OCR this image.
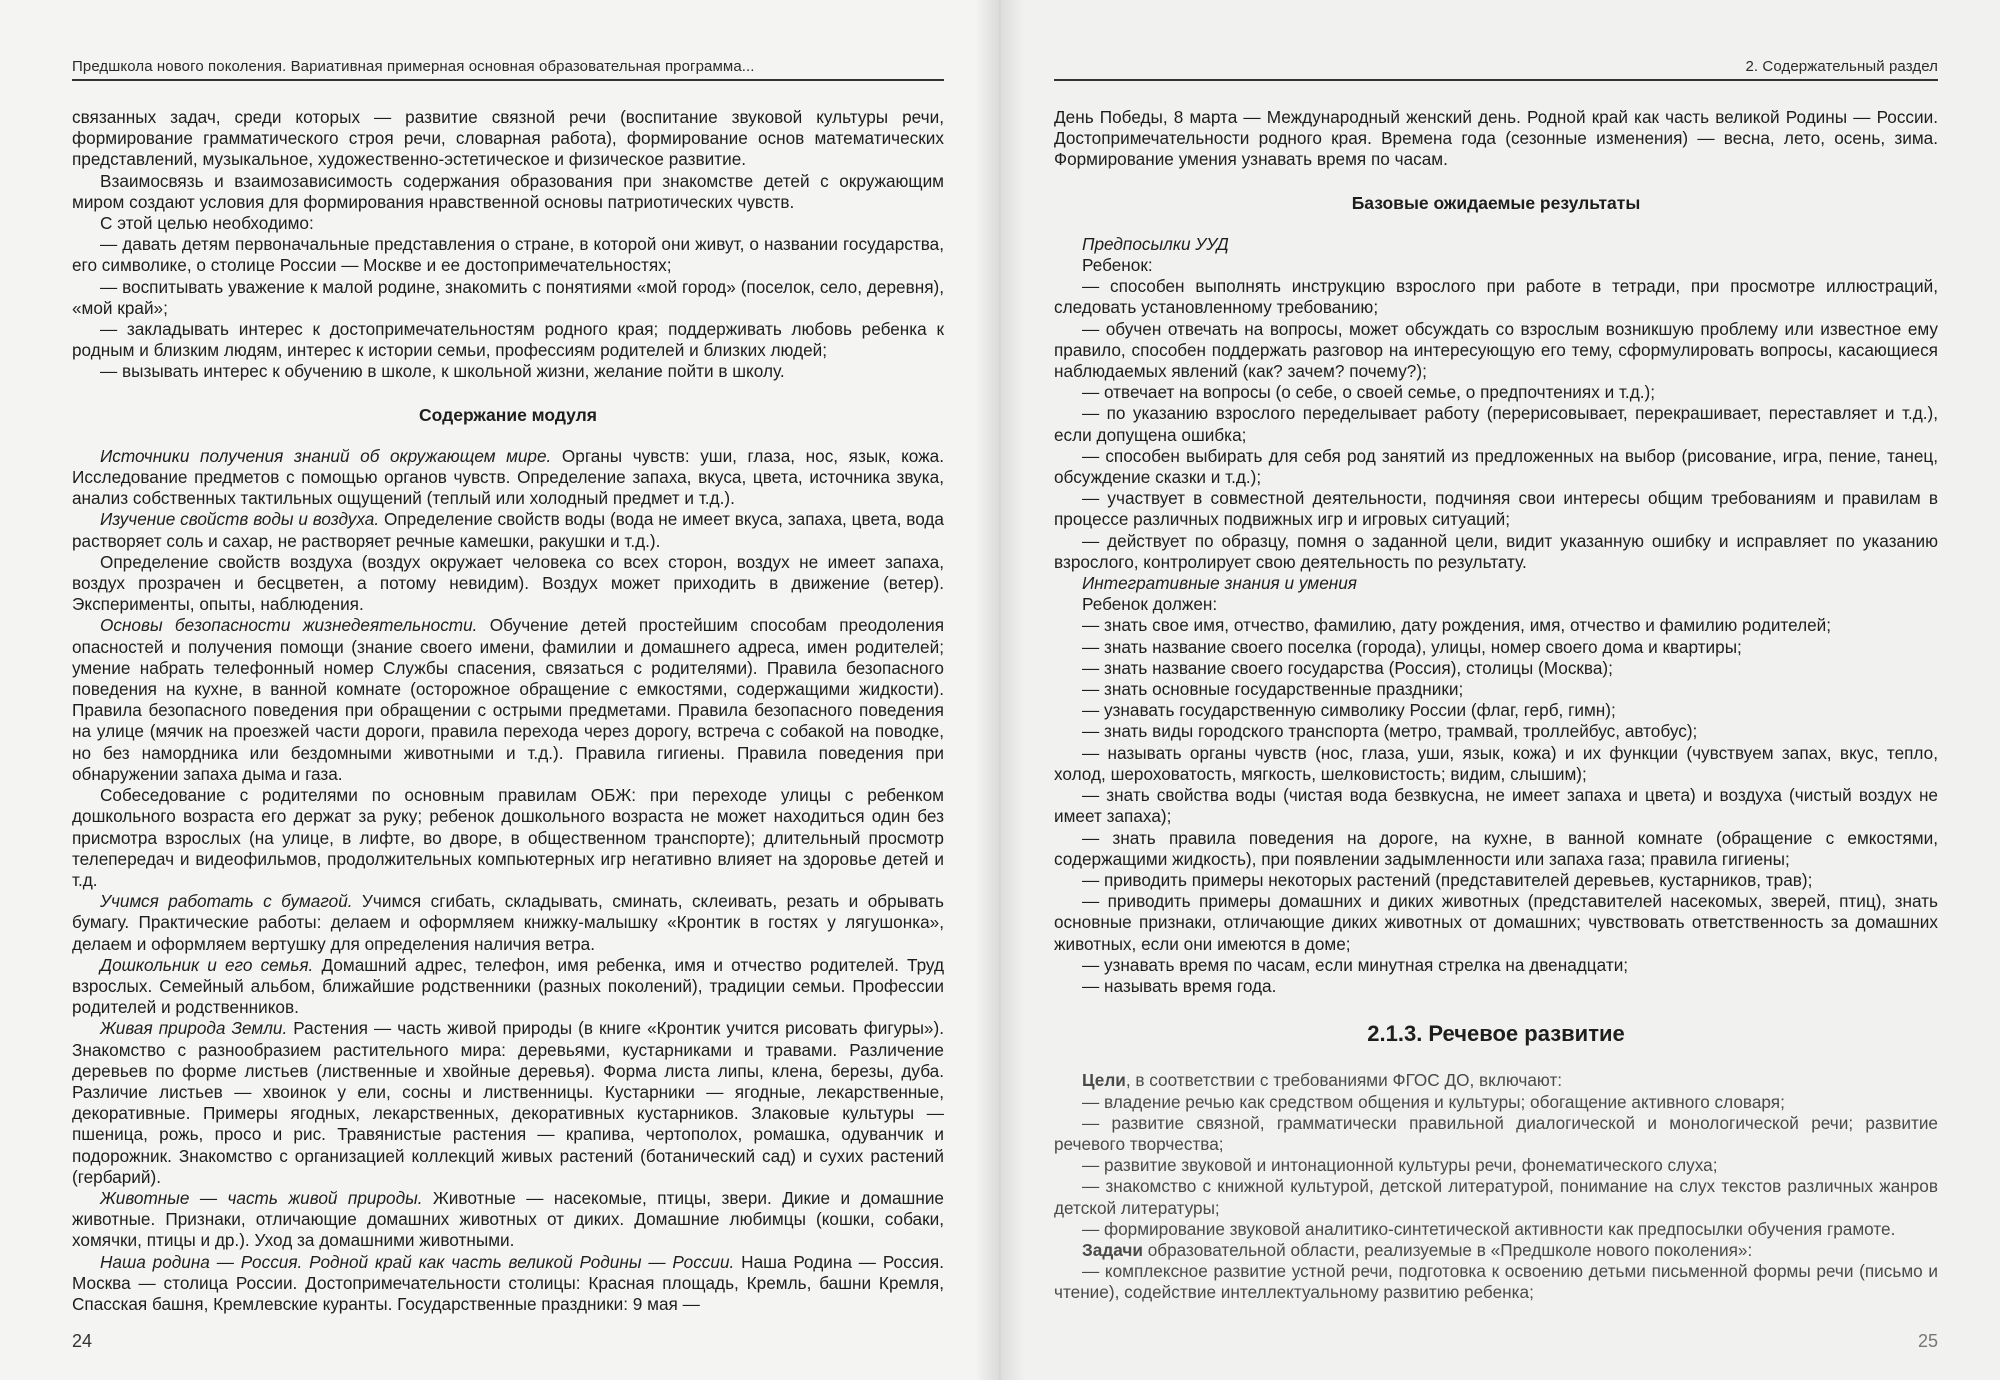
Предшкола нового поколения. Вариативная примерная основная образовательная программа...

связанных задач, среди которых — развитие связной речи (воспитание звуковой культуры речи, формирование грамматического строя речи, словарная работа), формирование основ математических представлений, музыкальное, художественно-эстетическое и физическое развитие.

Взаимосвязь и взаимозависимость содержания образования при знакомстве детей с окружающим миром создают условия для формирования нравственной основы патриотических чувств.

С этой целью необходимо:

— давать детям первоначальные представления о стране, в которой они живут, о названии государства, его символике, о столице России — Москве и ее достопримечательностях;

— воспитывать уважение к малой родине, знакомить с понятиями «мой город» (поселок, село, деревня), «мой край»;

— закладывать интерес к достопримечательностям родного края; поддерживать любовь ребенка к родным и близким людям, интерес к истории семьи, профессиям родителей и близких людей;

— вызывать интерес к обучению в школе, к школьной жизни, желание пойти в школу.

Содержание модуля

Источники получения знаний об окружающем мире. Органы чувств: уши, глаза, нос, язык, кожа. Исследование предметов с помощью органов чувств. Определение запаха, вкуса, цвета, источника звука, анализ собственных тактильных ощущений (теплый или холодный предмет и т.д.).

Изучение свойств воды и воздуха. Определение свойств воды (вода не имеет вкуса, запаха, цвета, вода растворяет соль и сахар, не растворяет речные камешки, ракушки и т.д.).

Определение свойств воздуха (воздух окружает человека со всех сторон, воздух не имеет запаха, воздух прозрачен и бесцветен, а потому невидим). Воздух может приходить в движение (ветер). Эксперименты, опыты, наблюдения.

Основы безопасности жизнедеятельности. Обучение детей простейшим способам преодоления опасностей и получения помощи (знание своего имени, фамилии и домашнего адреса, имен родителей; умение набрать телефонный номер Службы спасения, связаться с родителями). Правила безопасного поведения на кухне, в ванной комнате (осторожное обращение с емкостями, содержащими жидкости). Правила безопасного поведения при обращении с острыми предметами. Правила безопасного поведения на улице (мячик на проезжей части дороги, правила перехода через дорогу, встреча с собакой на поводке, но без намордника или бездомными животными и т.д.). Правила гигиены. Правила поведения при обнаружении запаха дыма и газа.

Собеседование с родителями по основным правилам ОБЖ: при переходе улицы с ребенком дошкольного возраста его держат за руку; ребенок дошкольного возраста не может находиться один без присмотра взрослых (на улице, в лифте, во дворе, в общественном транспорте); длительный просмотр телепередач и видеофильмов, продолжительных компьютерных игр негативно влияет на здоровье детей и т.д.

Учимся работать с бумагой. Учимся сгибать, складывать, сминать, склеивать, резать и обрывать бумагу. Практические работы: делаем и оформляем книжку-малышку «Кронтик в гостях у лягушонка», делаем и оформляем вертушку для определения наличия ветра.

Дошкольник и его семья. Домашний адрес, телефон, имя ребенка, имя и отчество родителей. Труд взрослых. Семейный альбом, ближайшие родственники (разных поколений), традиции семьи. Профессии родителей и родственников.

Живая природа Земли. Растения — часть живой природы (в книге «Кронтик учится рисовать фигуры»). Знакомство с разнообразием растительного мира: деревьями, кустарниками и травами. Различение деревьев по форме листьев (лиственные и хвойные деревья). Форма листа липы, клена, березы, дуба. Различие листьев — хвоинок у ели, сосны и лиственницы. Кустарники — ягодные, лекарственные, декоративные. Примеры ягодных, лекарственных, декоративных кустарников. Злаковые культуры — пшеница, рожь, просо и рис. Травянистые растения — крапива, чертополох, ромашка, одуванчик и подорожник. Знакомство с организацией коллекций живых растений (ботанический сад) и сухих растений (гербарий).

Животные — часть живой природы. Животные — насекомые, птицы, звери. Дикие и домашние животные. Признаки, отличающие домашних животных от диких. Домашние любимцы (кошки, собаки, хомячки, птицы и др.). Уход за домашними животными.

Наша родина — Россия. Родной край как часть великой Родины — России. Наша Родина — Россия. Москва — столица России. Достопримечательности столицы: Красная площадь, Кремль, башни Кремля, Спасская башня, Кремлевские куранты. Государственные праздники: 9 мая —

24
2. Содержательный раздел

День Победы, 8 марта — Международный женский день. Родной край как часть великой Родины — России. Достопримечательности родного края. Времена года (сезонные изменения) — весна, лето, осень, зима. Формирование умения узнавать время по часам.

Базовые ожидаемые результаты

Предпосылки УУД

Ребенок:

— способен выполнять инструкцию взрослого при работе в тетради, при просмотре иллюстраций, следовать установленному требованию;

— обучен отвечать на вопросы, может обсуждать со взрослым возникшую проблему или известное ему правило, способен поддержать разговор на интересующую его тему, сформулировать вопросы, касающиеся наблюдаемых явлений (как? зачем? почему?);

— отвечает на вопросы (о себе, о своей семье, о предпочтениях и т.д.);

— по указанию взрослого переделывает работу (перерисовывает, перекрашивает, переставляет и т.д.), если допущена ошибка;

— способен выбирать для себя род занятий из предложенных на выбор (рисование, игра, пение, танец, обсуждение сказки и т.д.);

— участвует в совместной деятельности, подчиняя свои интересы общим требованиям и правилам в процессе различных подвижных игр и игровых ситуаций;

— действует по образцу, помня о заданной цели, видит указанную ошибку и исправляет по указанию взрослого, контролирует свою деятельность по результату.

Интегративные знания и умения

Ребенок должен:

— знать свое имя, отчество, фамилию, дату рождения, имя, отчество и фамилию родителей;

— знать название своего поселка (города), улицы, номер своего дома и квартиры;

— знать название своего государства (Россия), столицы (Москва);

— знать основные государственные праздники;

— узнавать государственную символику России (флаг, герб, гимн);

— знать виды городского транспорта (метро, трамвай, троллейбус, автобус);

— называть органы чувств (нос, глаза, уши, язык, кожа) и их функции (чувствуем запах, вкус, тепло, холод, шероховатость, мягкость, шелковистость; видим, слышим);

— знать свойства воды (чистая вода безвкусна, не имеет запаха и цвета) и воздуха (чистый воздух не имеет запаха);

— знать правила поведения на дороге, на кухне, в ванной комнате (обращение с емкостями, содержащими жидкость), при появлении задымленности или запаха газа; правила гигиены;

— приводить примеры некоторых растений (представителей деревьев, кустарников, трав);

— приводить примеры домашних и диких животных (представителей насекомых, зверей, птиц), знать основные признаки, отличающие диких животных от домашних; чувствовать ответственность за домашних животных, если они имеются в доме;

— узнавать время по часам, если минутная стрелка на двенадцати;

— называть время года.

2.1.3. Речевое развитие

Цели, в соответствии с требованиями ФГОС ДО, включают:

— владение речью как средством общения и культуры; обогащение активного словаря;

— развитие связной, грамматически правильной диалогической и монологической речи; развитие речевого творчества;

— развитие звуковой и интонационной культуры речи, фонематического слуха;

— знакомство с книжной культурой, детской литературой, понимание на слух текстов различных жанров детской литературы;

— формирование звуковой аналитико-синтетической активности как предпосылки обучения грамоте.

Задачи образовательной области, реализуемые в «Предшколе нового поколения»:

— комплексное развитие устной речи, подготовка к освоению детьми письменной формы речи (письмо и чтение), содействие интеллектуальному развитию ребенка;

25
